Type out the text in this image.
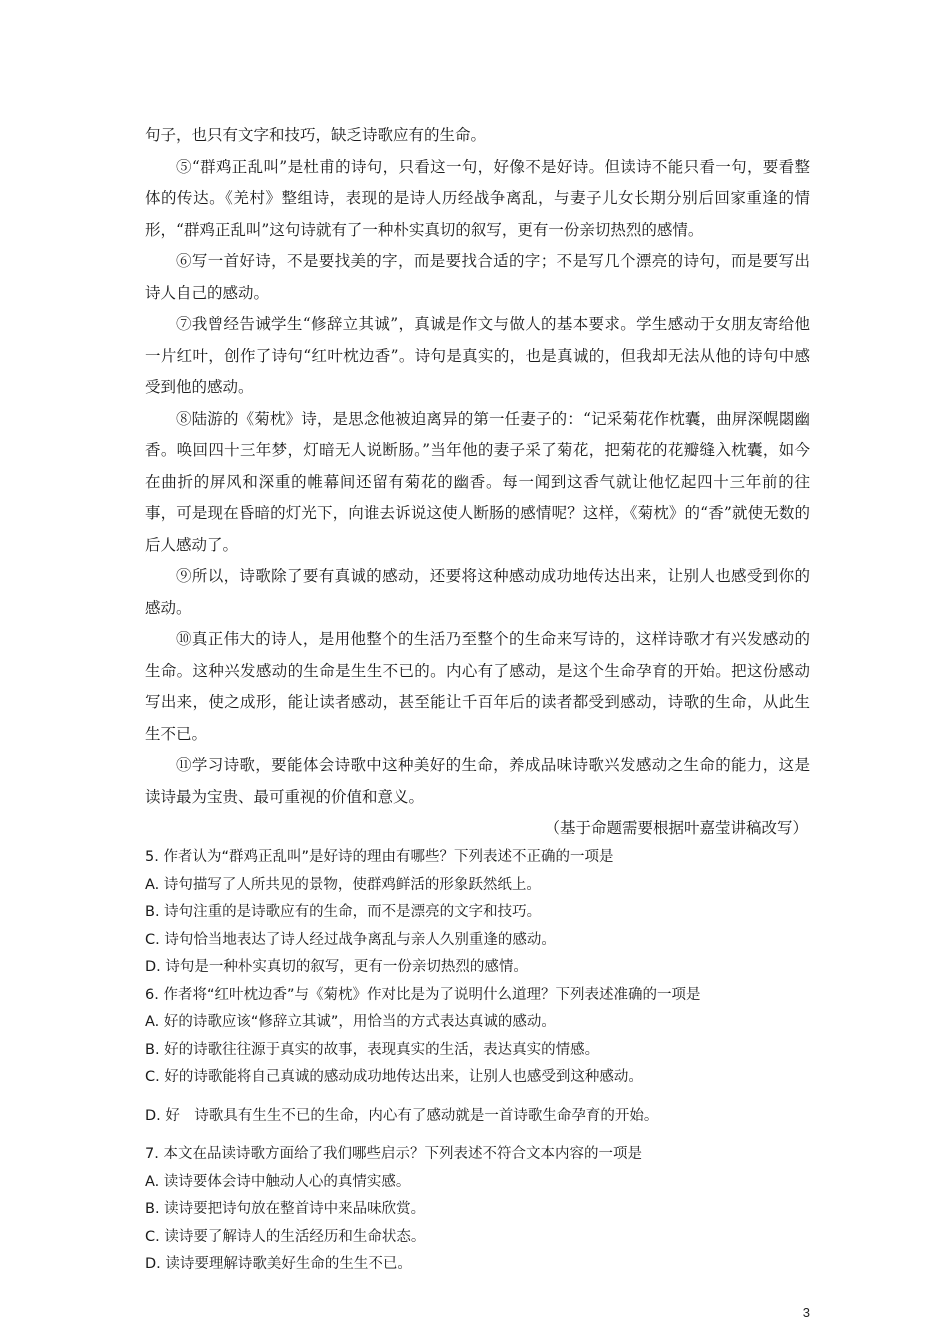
句子，也只有文字和技巧，缺乏诗歌应有的生命。

⑤“群鸡正乱叫”是杜甫的诗句，只看这一句，好像不是好诗。但读诗不能只看一句，要看整体的传达。《羌村》整组诗，表现的是诗人历经战争离乱，与妻子儿女长期分别后回家重逢的情形，“群鸡正乱叫”这句诗就有了一种朴实真切的叙写，更有一份亲切热烈的感情。

⑥写一首好诗，不是要找美的字，而是要找合适的字；不是写几个漂亮的诗句，而是要写出诗人自己的感动。

⑦我曾经告诫学生“修辞立其诚”，真诚是作文与做人的基本要求。学生感动于女朋友寄给他一片红叶，创作了诗句“红叶枕边香”。诗句是真实的，也是真诚的，但我却无法从他的诗句中感受到他的感动。

⑧陆游的《菊枕》诗，是思念他被迫离异的第一任妻子的：“记采菊花作枕囊，曲屏深幌閟幽香。唤回四十三年梦，灯暗无人说断肠。”当年他的妻子采了菊花，把菊花的花瓣缝入枕囊，如今在曲折的屏风和深重的帷幕间还留有菊花的幽香。每一闻到这香气就让他忆起四十三年前的往事，可是现在昏暗的灯光下，向谁去诉说这使人断肠的感情呢？这样，《菊枕》的“香”就使无数的后人感动了。

⑨所以，诗歌除了要有真诚的感动，还要将这种感动成功地传达出来，让别人也感受到你的感动。

⑩真正伟大的诗人，是用他整个的生活乃至整个的生命来写诗的，这样诗歌才有兴发感动的生命。这种兴发感动的生命是生生不已的。内心有了感动，是这个生命孕育的开始。把这份感动写出来，使之成形，能让读者感动，甚至能让千百年后的读者都受到感动，诗歌的生命，从此生生不已。

⑪学习诗歌，要能体会诗歌中这种美好的生命，养成品味诗歌兴发感动之生命的能力，这是读诗最为宝贵、最可重视的价值和意义。

（基于命题需要根据叶嘉莹讲稿改写）

5. 作者认为“群鸡正乱叫”是好诗的理由有哪些？下列表述不正确的一项是

A. 诗句描写了人所共见的景物，使群鸡鲜活的形象跃然纸上。

B. 诗句注重的是诗歌应有的生命，而不是漂亮的文字和技巧。

C. 诗句恰当地表达了诗人经过战争离乱与亲人久别重逢的感动。

D. 诗句是一种朴实真切的叙写，更有一份亲切热烈的感情。

6. 作者将“红叶枕边香”与《菊枕》作对比是为了说明什么道理？下列表述准确的一项是

A. 好的诗歌应该“修辞立其诚”，用恰当的方式表达真诚的感动。

B. 好的诗歌往往源于真实的故事，表现真实的生活，表达真实的情感。

C. 好的诗歌能将自己真诚的感动成功地传达出来，让别人也感受到这种感动。

D. 好　诗歌具有生生不已的生命，内心有了感动就是一首诗歌生命孕育的开始。

7. 本文在品读诗歌方面给了我们哪些启示？下列表述不符合文本内容的一项是

A. 读诗要体会诗中触动人心的真情实感。

B. 读诗要把诗句放在整首诗中来品味欣赏。

C. 读诗要了解诗人的生活经历和生命状态。

D. 读诗要理解诗歌美好生命的生生不已。

3
